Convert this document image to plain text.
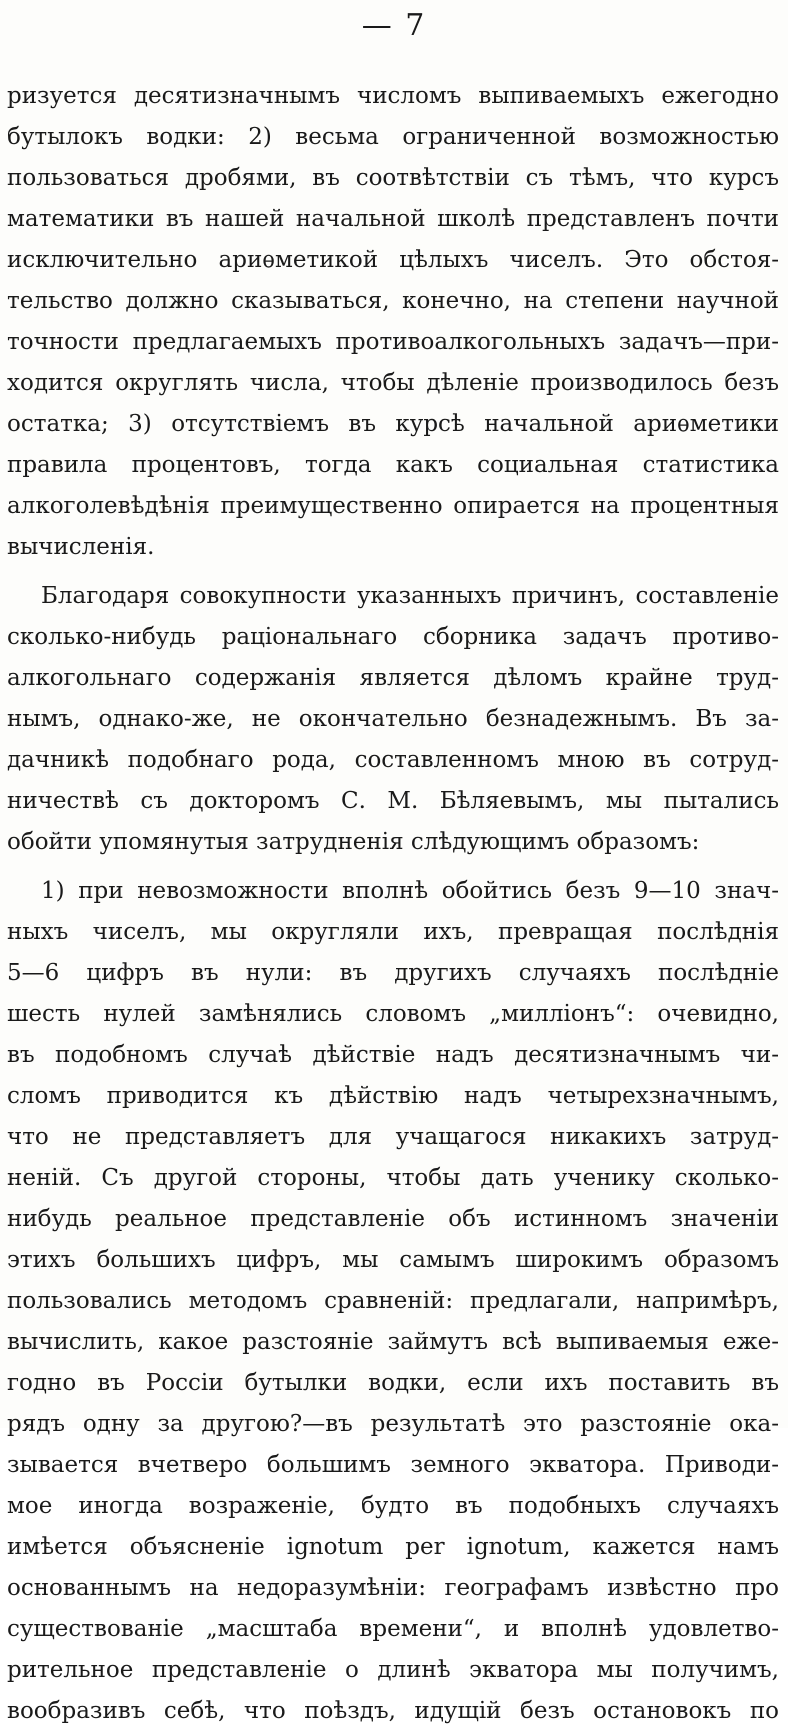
— 7
ризуется десятизначнымъ числомъ выпиваемыхъ ежегодно
бутылокъ водки: 2) весьма ограниченной возможностью
пользоваться дробями, въ соотвѣтствіи съ тѣмъ, что курсъ
математики въ нашей начальной школѣ представленъ почти
исключительно ариѳметикой цѣлыхъ чиселъ. Это обстоя-
тельство должно сказываться, конечно, на степени научной
точности предлагаемыхъ противоалкогольныхъ задачъ—при-
ходится округлять числа, чтобы дѣленіе производилось безъ
остатка; 3) отсутствіемъ въ курсѣ начальной ариѳметики
правила процентовъ, тогда какъ социальная статистика
алкоголевѣдѣнія преимущественно опирается на процентныя
вычисленія.
Благодаря совокупности указанныхъ причинъ, составленіе
сколько-нибудь раціональнаго сборника задачъ противо-
алкогольнаго содержанія является дѣломъ крайне труд-
нымъ, однако-же, не окончательно безнадежнымъ. Въ за-
дачникѣ подобнаго рода, составленномъ мною въ сотруд-
ничествѣ съ докторомъ С. М. Бѣляевымъ, мы пытались
обойти упомянутыя затрудненія слѣдующимъ образомъ:
1) при невозможности вполнѣ обойтись безъ 9—10 знач-
ныхъ чиселъ, мы округляли ихъ, превращая послѣднія
5—6 цифръ въ нули: въ другихъ случаяхъ послѣдніе
шесть нулей замѣнялись словомъ „милліонъ“: очевидно,
въ подобномъ случаѣ дѣйствіе надъ десятизначнымъ чи-
сломъ приводится къ дѣйствію надъ четырехзначнымъ,
что не представляетъ для учащагося никакихъ затруд-
неній. Съ другой стороны, чтобы дать ученику сколько-
нибудь реальное представленіе объ истинномъ значеніи
этихъ большихъ цифръ, мы самымъ широкимъ образомъ
пользовались методомъ сравненій: предлагали, напримѣръ,
вычислить, какое разстояніе займутъ всѣ выпиваемыя еже-
годно въ Россіи бутылки водки, если ихъ поставить въ
рядъ одну за другою?—въ результатѣ это разстояніе ока-
зывается вчетверо большимъ земного экватора. Приводи-
мое иногда возраженіе, будто въ подобныхъ случаяхъ
имѣется объясненіе ignotum per ignotum, кажется намъ
основаннымъ на недоразумѣніи: географамъ извѣстно про
существованіе „масштаба времени“, и вполнѣ удовлетво-
рительное представленіе о длинѣ экватора мы получимъ,
вообразивъ себѣ, что поѣздъ, идущій безъ остановокъ по
